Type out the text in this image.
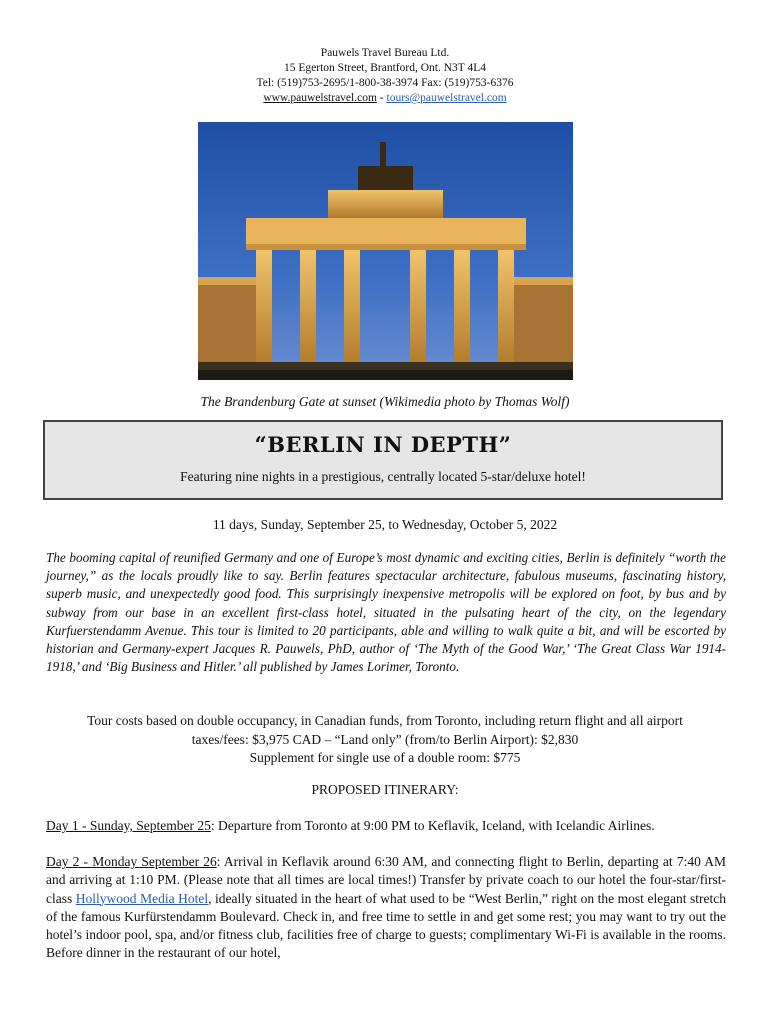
Pauwels Travel Bureau Ltd.
15 Egerton Street, Brantford, Ont. N3T 4L4
Tel: (519)753-2695/1-800-38-3974 Fax: (519)753-6376
www.pauwelstravel.com - tours@pauwelstravel.com
The Brandenburg Gate at sunset (Wikimedia photo by Thomas Wolf)
“BERLIN IN DEPTH”
Featuring nine nights in a prestigious, centrally located 5-star/deluxe hotel!
11 days, Sunday, September 25, to Wednesday, October 5, 2022
The booming capital of reunified Germany and one of Europe’s most dynamic and exciting cities, Berlin is definitely “worth the journey,” as the locals proudly like to say. Berlin features spectacular architecture, fabulous museums, fascinating history, superb music, and unexpectedly good food. This surprisingly inexpensive metropolis will be explored on foot, by bus and by subway from our base in an excellent first-class hotel, situated in the pulsating heart of the city, on the legendary Kurfuerstendamm Avenue. This tour is limited to 20 participants, able and willing to walk quite a bit, and will be escorted by historian and Germany-expert Jacques R. Pauwels, PhD, author of ‘The Myth of the Good War,’ ‘The Great Class War 1914-1918,’ and ‘Big Business and Hitler.’ all published by James Lorimer, Toronto.
Tour costs based on double occupancy, in Canadian funds, from Toronto, including return flight and all airport
taxes/fees: $3,975 CAD – “Land only” (from/to Berlin Airport): $2,830
Supplement for single use of a double room: $775
PROPOSED ITINERARY:
Day 1 - Sunday, September 25: Departure from Toronto at 9:00 PM to Keflavik, Iceland, with Icelandic Airlines.
Day 2 - Monday September 26: Arrival in Keflavik around 6:30 AM, and connecting flight to Berlin, departing at 7:40 AM and arriving at 1:10 PM. (Please note that all times are local times!) Transfer by private coach to our hotel the four-star/first-class Hollywood Media Hotel, ideally situated in the heart of what used to be “West Berlin,” right on the most elegant stretch of the famous Kurfürstendamm Boulevard. Check in, and free time to settle in and get some rest; you may want to try out the hotel’s indoor pool, spa, and/or fitness club, facilities free of charge to guests; complimentary Wi-Fi is available in the rooms. Before dinner in the restaurant of our hotel,
